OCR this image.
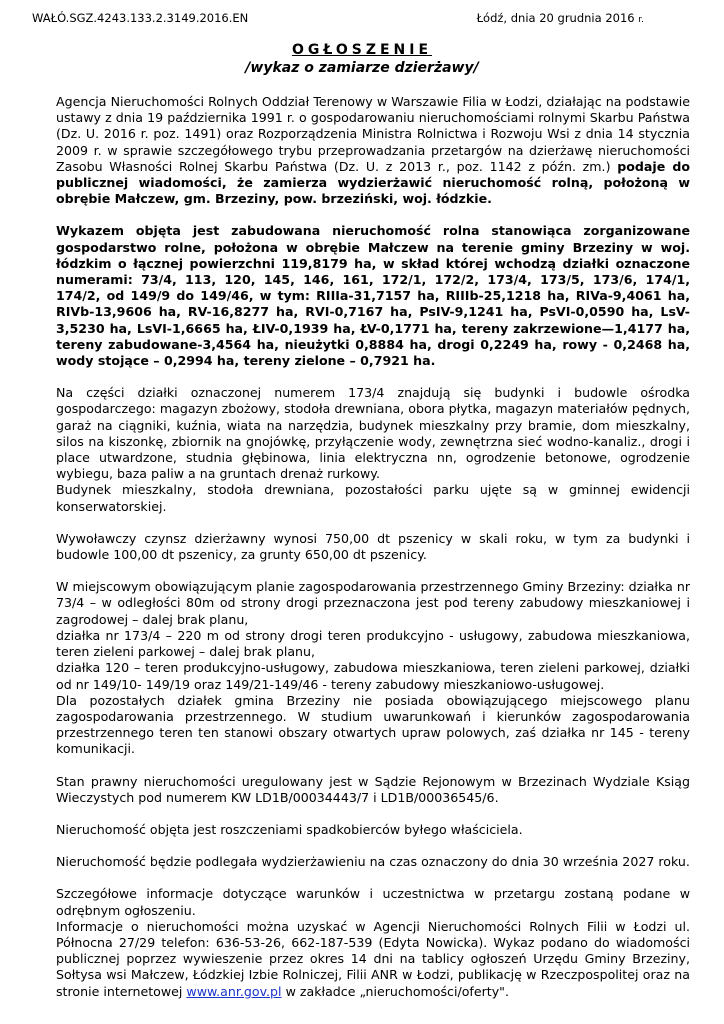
WAŁÓ.SGZ.4243.133.2.3149.2016.EN	Łódź, dnia 20 grudnia 2016 r.
OGŁOSZENIE
/wykaz o zamiarze dzierżawy/

Agencja Nieruchomości Rolnych Oddział Terenowy w Warszawie Filia w Łodzi, działając na podstawie ustawy z dnia 19 października 1991 r. o gospodarowaniu nieruchomościami rolnymi Skarbu Państwa (Dz. U. 2016 r. poz. 1491) oraz Rozporządzenia Ministra Rolnictwa i Rozwoju Wsi z dnia 14 stycznia 2009 r. w sprawie szczegółowego trybu przeprowadzania przetargów na dzierżawę nieruchomości Zasobu Własności Rolnej Skarbu Państwa (Dz. U. z 2013 r., poz. 1142 z późn. zm.) podaje do publicznej wiadomości, że zamierza wydzierżawić nieruchomość rolną, położoną w obrębie Małczew, gm. Brzeziny, pow. brzeziński, woj. łódzkie.

Wykazem objęta jest zabudowana nieruchomość rolna stanowiąca zorganizowane gospodarstwo rolne, położona w obrębie Małczew na terenie gminy Brzeziny w woj. łódzkim o łącznej powierzchni 119,8179 ha, w skład której wchodzą działki oznaczone numerami: 73/4, 113, 120, 145, 146, 161, 172/1, 172/2, 173/4, 173/5, 173/6, 174/1, 174/2, od 149/9 do 149/46, w tym: RIIIa-31,7157 ha, RIIIb-25,1218 ha, RIVa-9,4061 ha, RIVb-13,9606 ha, RV-16,8277 ha, RVI-0,7167 ha, PsIV-9,1241 ha, PsVI-0,0590 ha, LsV-3,5230 ha, LsVI-1,6665 ha, ŁIV-0,1939 ha, ŁV-0,1771 ha, tereny zakrzewione—1,4177 ha, tereny zabudowane-3,4564 ha, nieużytki 0,8884 ha, drogi 0,2249 ha, rowy - 0,2468 ha, wody stojące – 0,2994 ha, tereny zielone – 0,7921 ha.

Na części działki oznaczonej numerem 173/4 znajdują się budynki i budowle ośrodka gospodarczego: magazyn zbożowy, stodoła drewniana, obora płytka, magazyn materiałów pędnych, garaż na ciągniki, kuźnia, wiata na narzędzia, budynek mieszkalny przy bramie, dom mieszkalny, silos na kiszonkę, zbiornik na gnojówkę, przyłączenie wody, zewnętrzna sieć wodno-kanaliz., drogi i place utwardzone, studnia głębinowa, linia elektryczna nn, ogrodzenie betonowe, ogrodzenie wybiegu, baza paliw a na gruntach drenaż rurkowy.

Budynek mieszkalny, stodoła drewniana, pozostałości parku ujęte są w gminnej ewidencji konserwatorskiej.

Wywoławczy czynsz dzierżawny wynosi 750,00 dt pszenicy w skali roku, w tym za budynki i budowle 100,00 dt pszenicy, za grunty 650,00 dt pszenicy.

W miejscowym obowiązującym planie zagospodarowania przestrzennego Gminy Brzeziny: działka nr 73/4 – w odległości 80m od strony drogi przeznaczona jest pod tereny zabudowy mieszkaniowej i zagrodowej – dalej brak planu,

działka nr 173/4 – 220 m od strony drogi teren produkcyjno - usługowy, zabudowa mieszkaniowa, teren zieleni parkowej – dalej brak planu,

działka 120 – teren produkcyjno-usługowy, zabudowa mieszkaniowa, teren zieleni parkowej, działki od nr 149/10- 149/19 oraz 149/21-149/46 - tereny zabudowy mieszkaniowo-usługowej.

Dla pozostałych działek gmina Brzeziny nie posiada obowiązującego miejscowego planu zagospodarowania przestrzennego. W studium uwarunkowań i kierunków zagospodarowania przestrzennego teren ten stanowi obszary otwartych upraw polowych, zaś działka nr 145 - tereny komunikacji.

Stan prawny nieruchomości uregulowany jest w Sądzie Rejonowym w Brzezinach Wydziale Ksiąg Wieczystych pod numerem KW LD1B/00034443/7 i LD1B/00036545/6.

Nieruchomość objęta jest roszczeniami spadkobierców byłego właściciela.

Nieruchomość będzie podlegała wydzierżawieniu na czas oznaczony do dnia 30 września 2027 roku.

Szczegółowe informacje dotyczące warunków i uczestnictwa w przetargu zostaną podane w odrębnym ogłoszeniu.

Informacje o nieruchomości można uzyskać w Agencji Nieruchomości Rolnych Filii w Łodzi ul. Północna 27/29 telefon: 636-53-26, 662-187-539 (Edyta Nowicka). Wykaz podano do wiadomości publicznej poprzez wywieszenie przez okres 14 dni na tablicy ogłoszeń Urzędu Gminy Brzeziny, Sołtysa wsi Małczew, Łódzkiej Izbie Rolniczej, Filii ANR w Łodzi, publikację w Rzeczpospolitej oraz na stronie internetowej www.anr.gov.pl w zakładce „nieruchomości/oferty".
